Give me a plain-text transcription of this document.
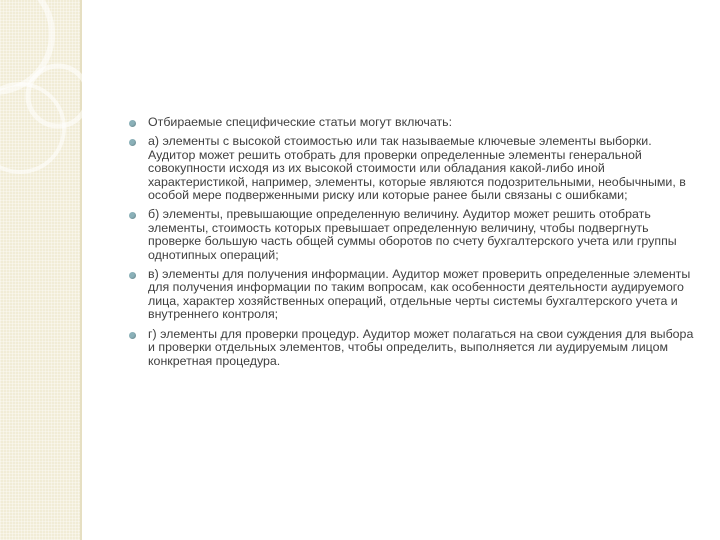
Отбираемые специфические статьи могут включать:
а) элементы с высокой стоимостью или так называемые ключевые элементы выборки. Аудитор может решить отобрать для проверки определенные элементы генеральной совокупности исходя из их высокой стоимости или обладания какой-либо иной характеристикой, например, элементы, которые являются подозрительными, необычными, в особой мере подверженными риску или которые ранее были связаны с ошибками;
б) элементы, превышающие определенную величину. Аудитор может решить отобрать элементы, стоимость которых превышает определенную величину, чтобы подвергнуть проверке большую часть общей суммы оборотов по счету бухгалтерского учета или группы однотипных операций;
в) элементы для получения информации. Аудитор может проверить определенные элементы для получения информации по таким вопросам, как особенности деятельности аудируемого лица, характер хозяйственных операций, отдельные черты системы бухгалтерского учета и внутреннего контроля;
г) элементы для проверки процедур. Аудитор может полагаться на свои суждения для выбора и проверки отдельных элементов, чтобы определить, выполняется ли аудируемым лицом конкретная процедура.
